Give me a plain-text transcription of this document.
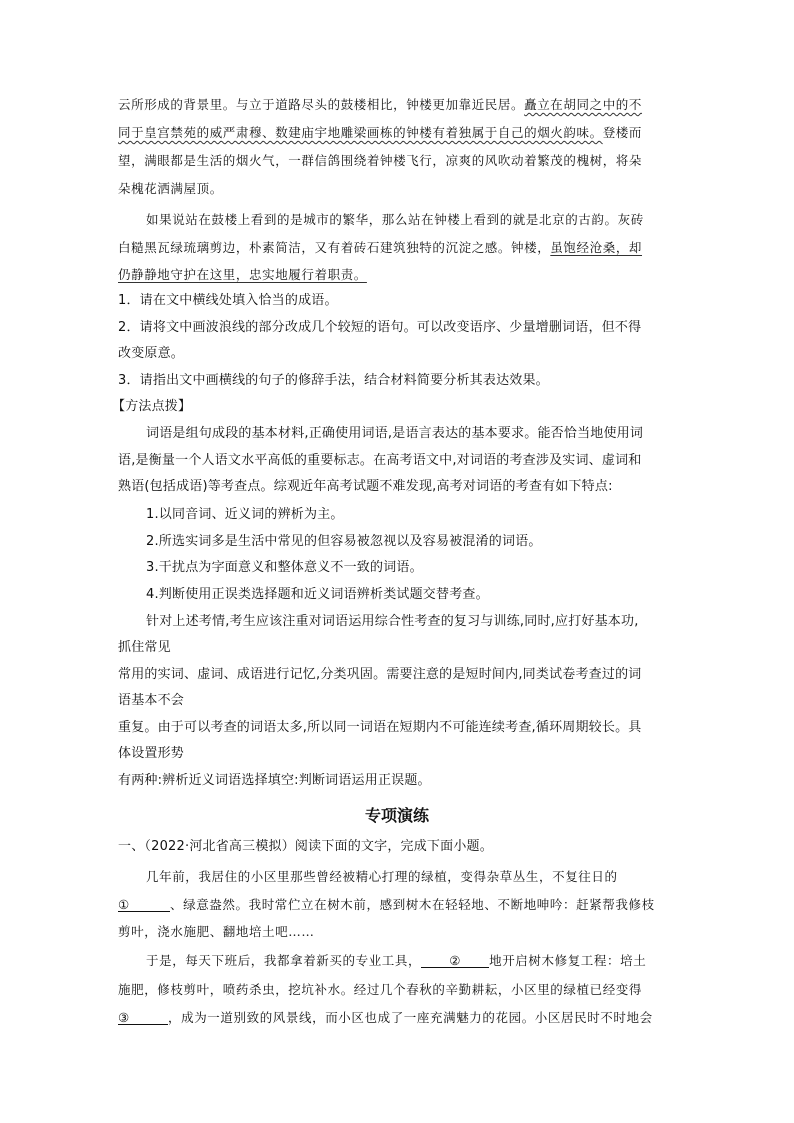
云所形成的背景里。与立于道路尽头的鼓楼相比，钟楼更加靠近民居。矗立在胡同之中的不
同于皇宫禁苑的威严肃穆、数建庙宇地雕梁画栋的钟楼有着独属于自己的烟火韵味。登楼而
望，满眼都是生活的烟火气，一群信鸽围绕着钟楼飞行，凉爽的风吹动着繁茂的槐树，将朵
朵槐花洒满屋顶。
如果说站在鼓楼上看到的是城市的繁华，那么站在钟楼上看到的就是北京的古韵。灰砖
白糙黑瓦绿琉璃剪边，朴素简洁，又有着砖石建筑独特的沉淀之感。钟楼，虽饱经沧桑，却
仍静静地守护在这里，忠实地履行着职责。
1．请在文中横线处填入恰当的成语。
2．请将文中画波浪线的部分改成几个较短的语句。可以改变语序、少量增删词语，但不得
改变原意。
3．请指出文中画横线的句子的修辞手法，结合材料简要分析其表达效果。
【方法点拨】
词语是组句成段的基本材料,正确使用词语,是语言表达的基本要求。能否恰当地使用词
语,是衡量一个人语文水平高低的重要标志。在高考语文中,对词语的考查涉及实词、虚词和
熟语(包括成语)等考查点。综观近年高考试题不难发现,高考对词语的考查有如下特点:
1.以同音词、近义词的辨析为主。
2.所选实词多是生活中常见的但容易被忽视以及容易被混淆的词语。
3.干扰点为字面意义和整体意义不一致的词语。
4.判断使用正误类选择题和近义词语辨析类试题交替考查。
针对上述考情,考生应该注重对词语运用综合性考查的复习与训练,同时,应打好基本功,
抓住常见
常用的实词、虚词、成语进行记忆,分类巩固。需要注意的是短时间内,同类试卷考查过的词
语基本不会
重复。由于可以考查的词语太多,所以同一词语在短期内不可能连续考查,循环周期较长。具
体设置形势
有两种:辨析近义词语选择填空:判断词语运用正误题。
专项演练
一、（2022·河北省高三模拟）阅读下面的文字，完成下面小题。
几年前，我居住的小区里那些曾经被精心打理的绿植，变得杂草丛生，不复往日的
①	、绿意盎然。我时常伫立在树木前，感到树木在轻轻地、不断地呻吟：赶紧帮我修枝
剪叶，浇水施肥、翻地培土吧……
于是，每天下班后，我都拿着新买的专业工具， ② 地开启树木修复工程：培土
施肥，修枝剪叶，喷药杀虫，挖坑补水。经过几个春秋的辛勤耕耘，小区里的绿植已经变得
③	，成为一道别致的风景线，而小区也成了一座充满魅力的花园。小区居民时不时地会
